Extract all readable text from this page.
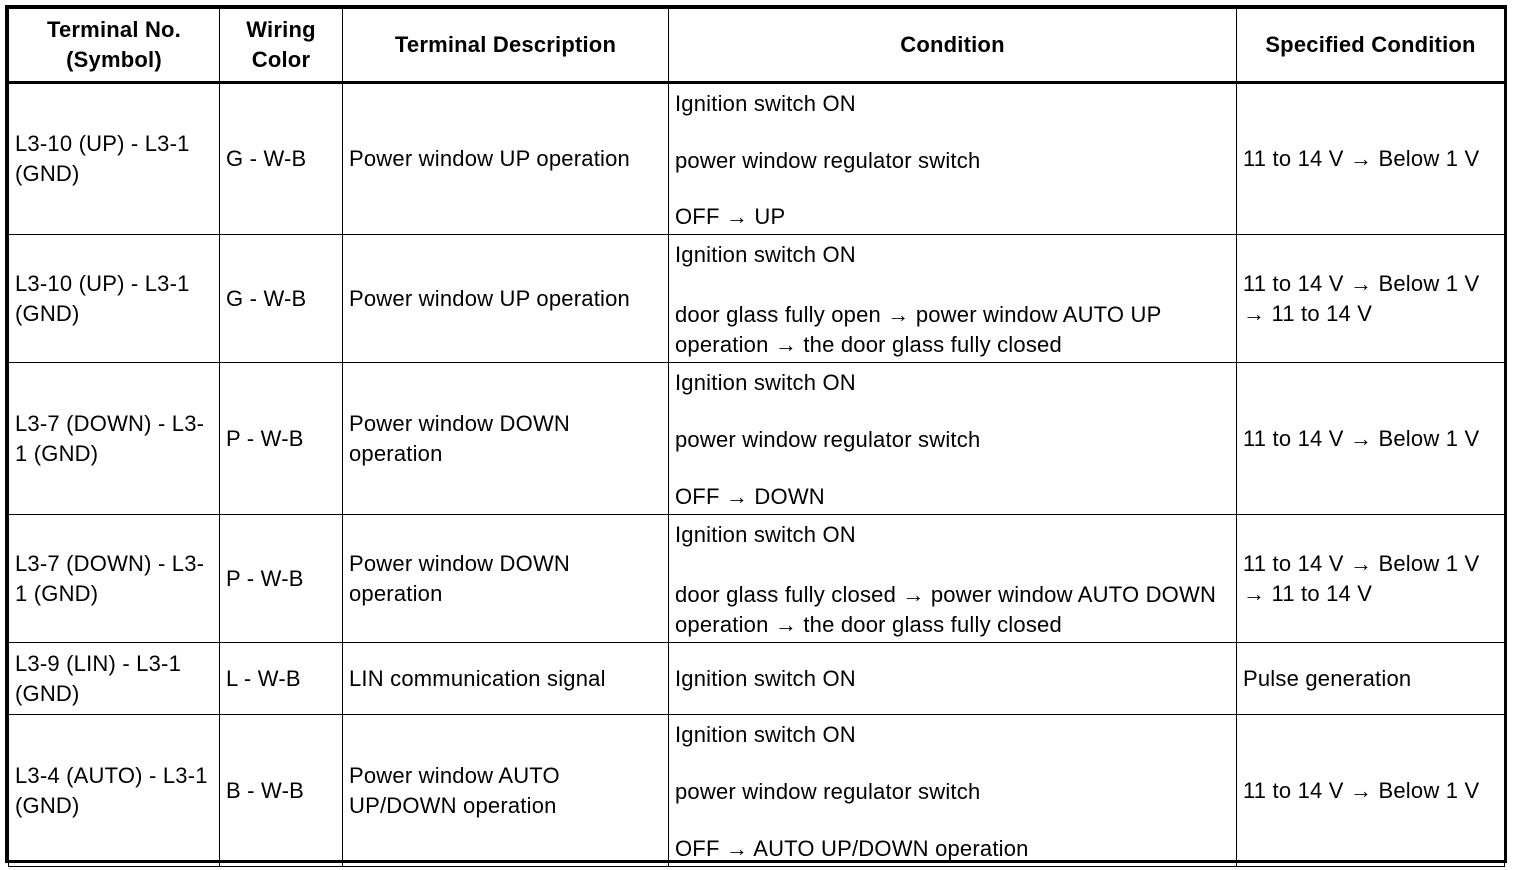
Terminal No. (Symbol)	Wiring Color	Terminal Description	Condition	Specified Condition
L3-10 (UP) - L3-1 (GND)	G - W-B	Power window UP operation	Ignition switch ON
power window regulator switch
OFF → UP	11 to 14 V → Below 1 V
L3-10 (UP) - L3-1 (GND)	G - W-B	Power window UP operation	Ignition switch ON
door glass fully open → power window AUTO UP operation → the door glass fully closed	11 to 14 V → Below 1 V → 11 to 14 V
L3-7 (DOWN) - L3-1 (GND)	P - W-B	Power window DOWN operation	Ignition switch ON
power window regulator switch
OFF → DOWN	11 to 14 V → Below 1 V
L3-7 (DOWN) - L3-1 (GND)	P - W-B	Power window DOWN operation	Ignition switch ON
door glass fully closed → power window AUTO DOWN operation → the door glass fully closed	11 to 14 V → Below 1 V → 11 to 14 V
L3-9 (LIN) - L3-1 (GND)	L - W-B	LIN communication signal	Ignition switch ON	Pulse generation
L3-4 (AUTO) - L3-1 (GND)	B - W-B	Power window AUTO UP/DOWN operation	Ignition switch ON
power window regulator switch
OFF → AUTO UP/DOWN operation	11 to 14 V → Below 1 V
